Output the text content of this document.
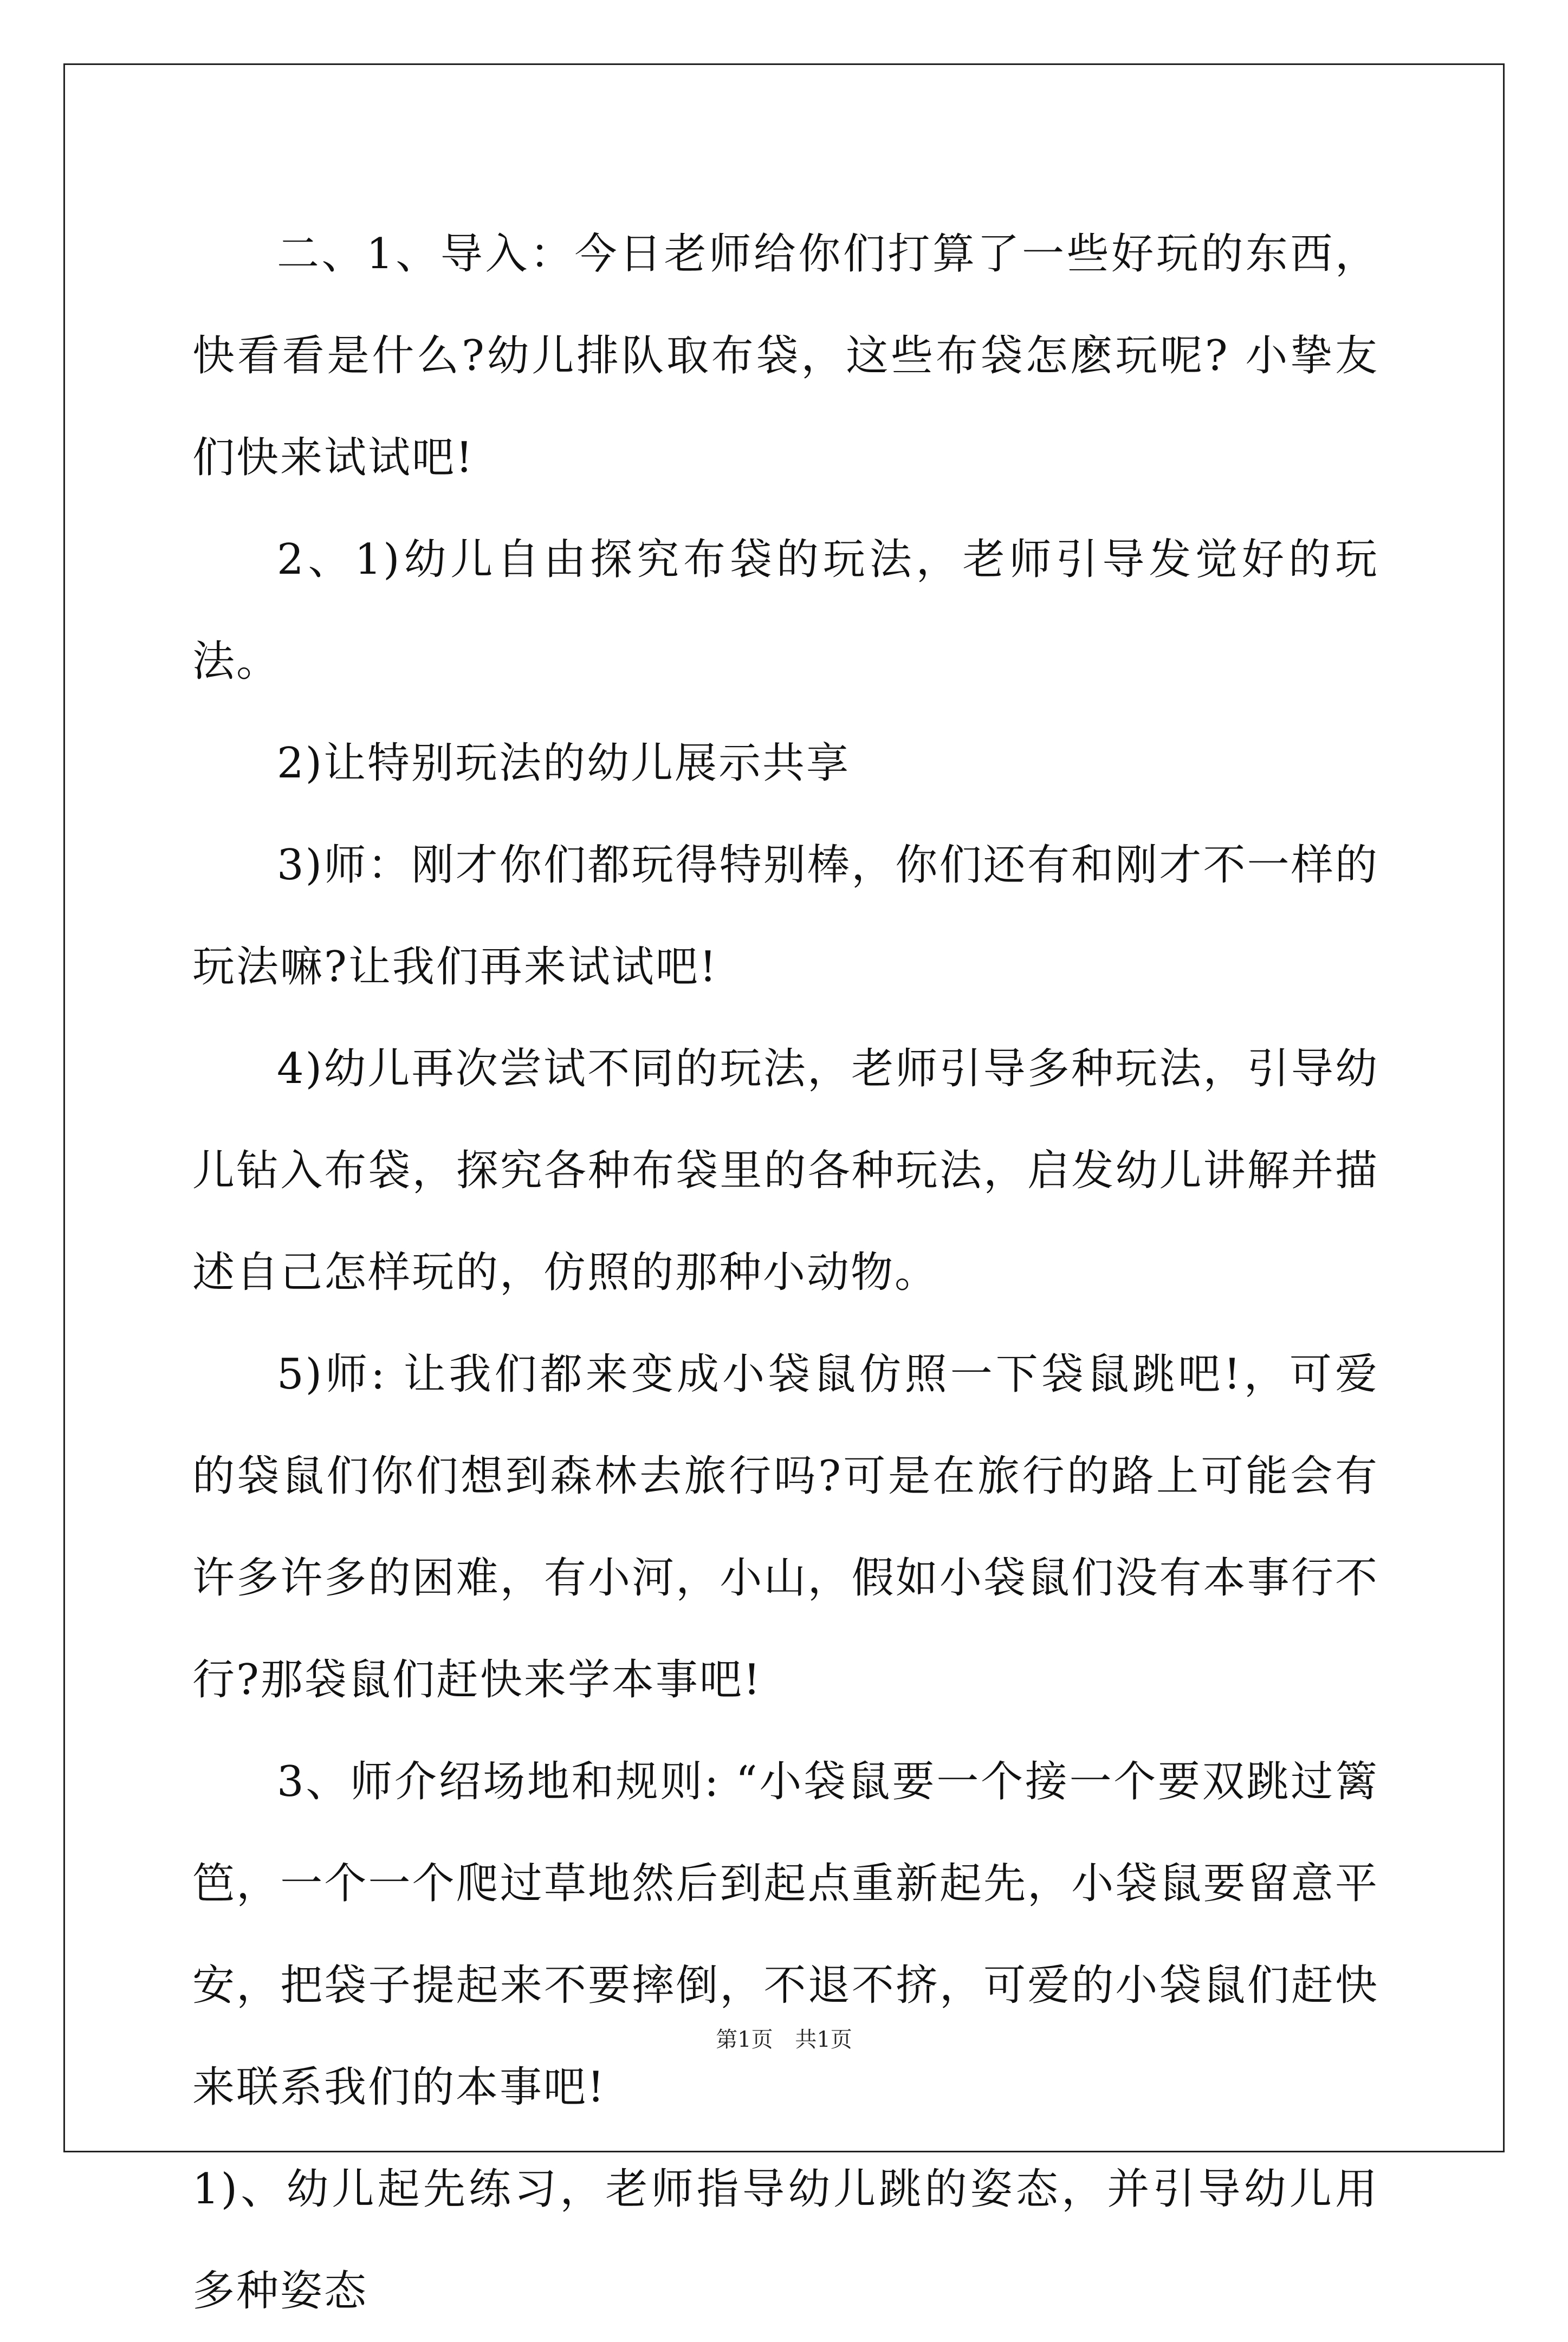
二、1、导入：今日老师给你们打算了一些好玩的东西，快看看是什么?幼儿排队取布袋，这些布袋怎麽玩呢? 小挚友们快来试试吧!

2、1)幼儿自由探究布袋的玩法，老师引导发觉好的玩法。

2)让特别玩法的幼儿展示共享

3)师：刚才你们都玩得特别棒，你们还有和刚才不一样的玩法嘛?让我们再来试试吧!

4)幼儿再次尝试不同的玩法，老师引导多种玩法，引导幼儿钻入布袋，探究各种布袋里的各种玩法，启发幼儿讲解并描述自己怎样玩的，仿照的那种小动物。

5)师: 让我们都来变成小袋鼠仿照一下袋鼠跳吧!，可爱的袋鼠们你们想到森林去旅行吗?可是在旅行的路上可能会有许多许多的困难，有小河，小山，假如小袋鼠们没有本事行不行?那袋鼠们赶快来学本事吧!

3、师介绍场地和规则: “小袋鼠要一个接一个要双跳过篱笆，一个一个爬过草地然后到起点重新起先，小袋鼠要留意平安，把袋子提起来不要摔倒，不退不挤，可爱的小袋鼠们赶快来联系我们的本事吧!

1)、幼儿起先练习，老师指导幼儿跳的姿态，并引导幼儿用多种姿态

第1页 共1页
